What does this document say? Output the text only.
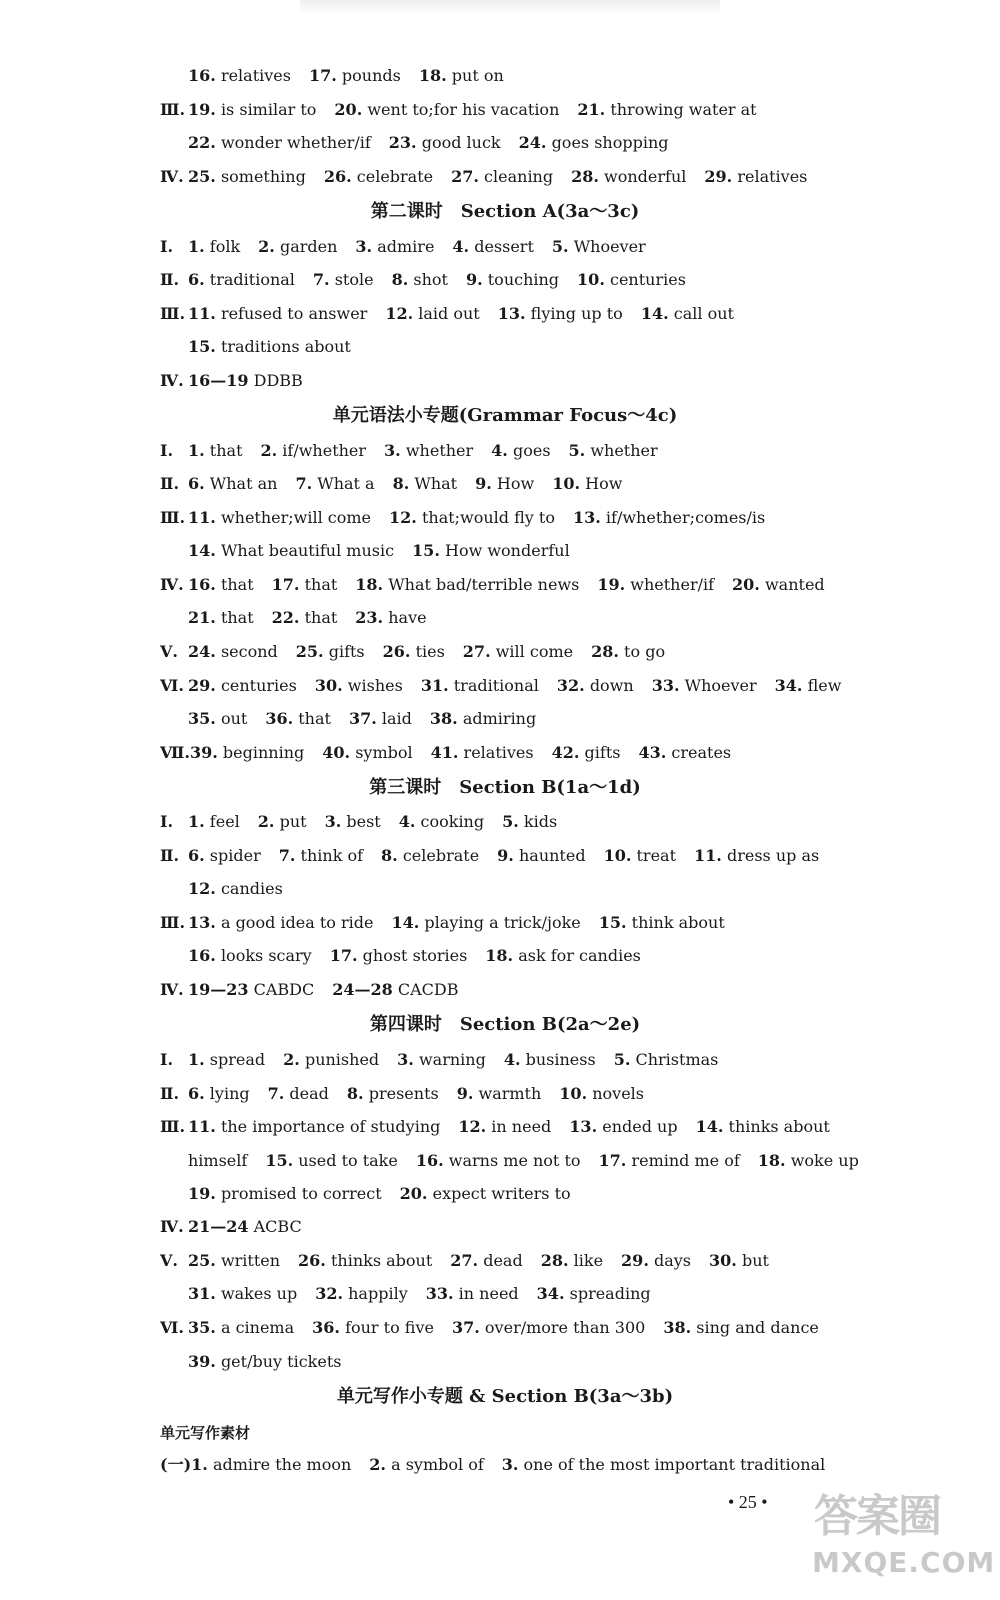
16. relatives 17. pounds 18. put on
Ⅲ. 19. is similar to 20. went to;for his vacation 21. throwing water at
22. wonder whether/if 23. good luck 24. goes shopping
Ⅳ. 25. something 26. celebrate 27. cleaning 28. wonderful 29. relatives
第二课时　Section A(3a～3c)
Ⅰ. 1. folk 2. garden 3. admire 4. dessert 5. Whoever
Ⅱ. 6. traditional 7. stole 8. shot 9. touching 10. centuries
Ⅲ. 11. refused to answer 12. laid out 13. flying up to 14. call out
15. traditions about
Ⅳ. 16—19 DDBB
单元语法小专题(Grammar Focus～4c)
Ⅰ. 1. that 2. if/whether 3. whether 4. goes 5. whether
Ⅱ. 6. What an 7. What a 8. What 9. How 10. How
Ⅲ. 11. whether;will come 12. that;would fly to 13. if/whether;comes/is
14. What beautiful music 15. How wonderful
Ⅳ. 16. that 17. that 18. What bad/terrible news 19. whether/if 20. wanted
21. that 22. that 23. have
Ⅴ. 24. second 25. gifts 26. ties 27. will come 28. to go
Ⅵ. 29. centuries 30. wishes 31. traditional 32. down 33. Whoever 34. flew
35. out 36. that 37. laid 38. admiring
Ⅶ.39. beginning 40. symbol 41. relatives 42. gifts 43. creates
第三课时　Section B(1a～1d)
Ⅰ. 1. feel 2. put 3. best 4. cooking 5. kids
Ⅱ. 6. spider 7. think of 8. celebrate 9. haunted 10. treat 11. dress up as
12. candies
Ⅲ. 13. a good idea to ride 14. playing a trick/joke 15. think about
16. looks scary 17. ghost stories 18. ask for candies
Ⅳ. 19—23 CABDC 24—28 CACDB
第四课时　Section B(2a～2e)
Ⅰ. 1. spread 2. punished 3. warning 4. business 5. Christmas
Ⅱ. 6. lying 7. dead 8. presents 9. warmth 10. novels
Ⅲ. 11. the importance of studying 12. in need 13. ended up 14. thinks about
himself 15. used to take 16. warns me not to 17. remind me of 18. woke up
19. promised to correct 20. expect writers to
Ⅳ. 21—24 ACBC
Ⅴ. 25. written 26. thinks about 27. dead 28. like 29. days 30. but
31. wakes up 32. happily 33. in need 34. spreading
Ⅵ. 35. a cinema 36. four to five 37. over/more than 300 38. sing and dance
39. get/buy tickets
单元写作小专题 & Section B(3a～3b)
单元写作素材
(一)1. admire the moon 2. a symbol of 3. one of the most important traditional
• 25 • 答案圈
MXQE.COM
